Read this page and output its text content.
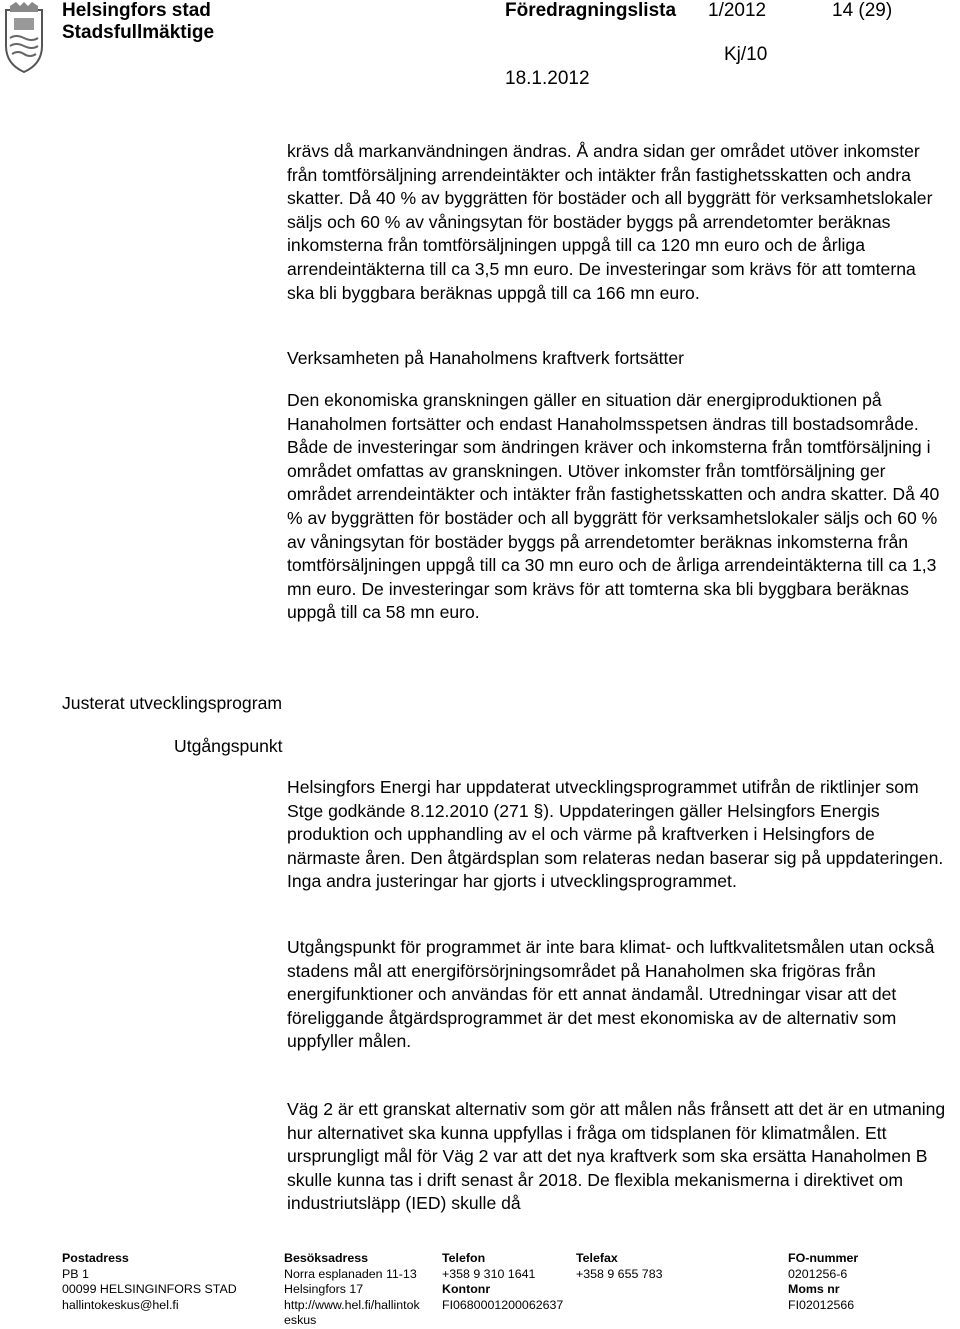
Helsingfors stad
Stadsfullmäktige
Föredragningslista 1/2012	14 (29)
Kj/10
18.1.2012

krävs då markanvändningen ändras. Å andra sidan ger området utöver inkomster från tomtförsäljning arrendeintäkter och intäkter från fastighetsskatten och andra skatter. Då 40 % av byggrätten för bostäder och all byggrätt för verksamhetslokaler säljs och 60 % av våningsytan för bostäder byggs på arrendetomter beräknas inkomsterna från tomtförsäljningen uppgå till ca 120 mn euro och de årliga arrendeintäkterna till ca 3,5 mn euro. De investeringar som krävs för att tomterna ska bli byggbara beräknas uppgå till ca 166 mn euro.

Verksamheten på Hanaholmens kraftverk fortsätter

Den ekonomiska granskningen gäller en situation där energiproduktionen på Hanaholmen fortsätter och endast Hanaholmsspetsen ändras till bostadsområde. Både de investeringar som ändringen kräver och inkomsterna från tomtförsäljning i området omfattas av granskningen. Utöver inkomster från tomtförsäljning ger området arrendeintäkter och intäkter från fastighetsskatten och andra skatter. Då 40 % av byggrätten för bostäder och all byggrätt för verksamhetslokaler säljs och 60 % av våningsytan för bostäder byggs på arrendetomter beräknas inkomsterna från tomtförsäljningen uppgå till ca 30 mn euro och de årliga arrendeintäkterna till ca 1,3 mn euro. De investeringar som krävs för att tomterna ska bli byggbara beräknas uppgå till ca 58 mn euro.

Justerat utvecklingsprogram
Utgångspunkt

Helsingfors Energi har uppdaterat utvecklingsprogrammet utifrån de riktlinjer som Stge godkände 8.12.2010 (271 §). Uppdateringen gäller Helsingfors Energis produktion och upphandling av el och värme på kraftverken i Helsingfors de närmaste åren. Den åtgärdsplan som relateras nedan baserar sig på uppdateringen. Inga andra justeringar har gjorts i utvecklingsprogrammet.

Utgångspunkt för programmet är inte bara klimat- och luftkvalitetsmålen utan också stadens mål att energiförsörjningsområdet på Hanaholmen ska frigöras från energifunktioner och användas för ett annat ändamål. Utredningar visar att det föreliggande åtgärdsprogrammet är det mest ekonomiska av de alternativ som uppfyller målen.

Väg 2 är ett granskat alternativ som gör att målen nås frånsett att det är en utmaning hur alternativet ska kunna uppfyllas i fråga om tidsplanen för klimatmålen. Ett ursprungligt mål för Väg 2 var att det nya kraftverk som ska ersätta Hanaholmen B skulle kunna tas i drift senast år 2018. De flexibla mekanismerna i direktivet om industriutsläpp (IED) skulle då

Postadress
PB 1
00099 HELSINGINFORS STAD
hallintokeskus@hel.fi
Besöksadress
Norra esplanaden 11-13
Helsingfors 17
http://www.hel.fi/hallintok
eskus
Telefon
+358 9 310 1641
Kontonr
FI0680001200062637
Telefax
+358 9 655 783
FO-nummer
0201256-6
Moms nr
FI02012566
